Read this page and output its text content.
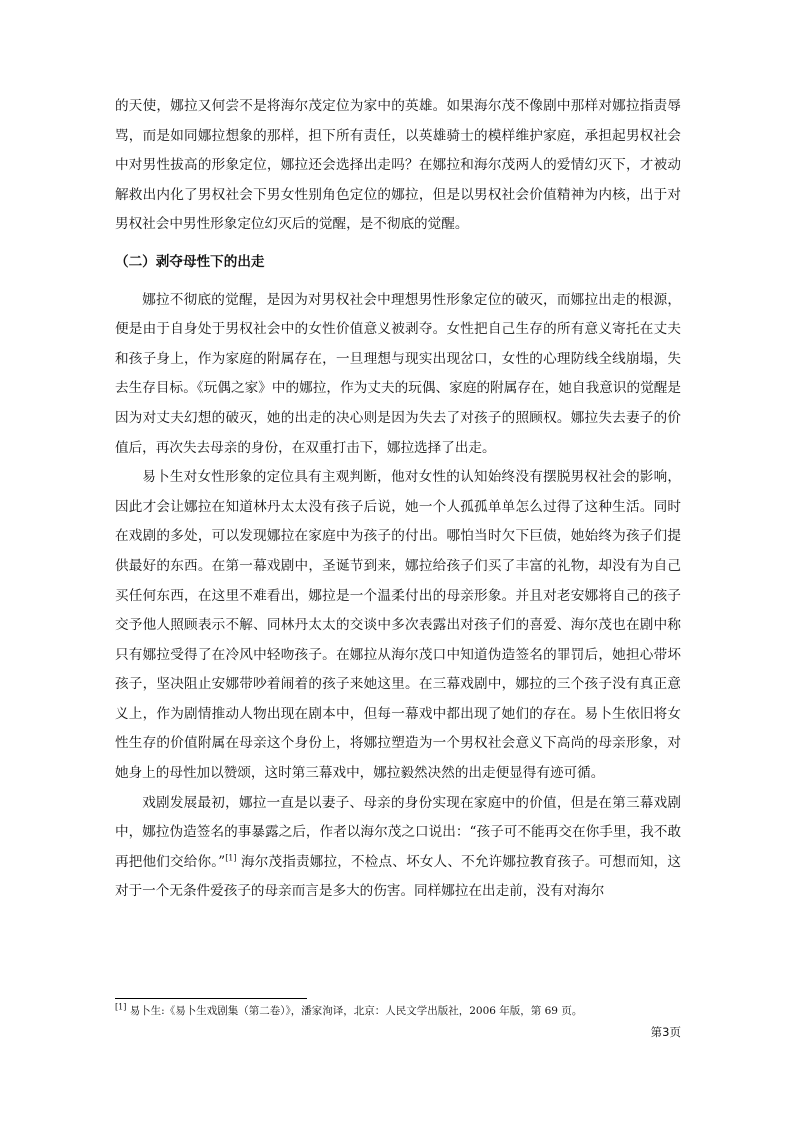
的天使，娜拉又何尝不是将海尔茂定位为家中的英雄。如果海尔茂不像剧中那样对娜拉指责辱骂，而是如同娜拉想象的那样，担下所有责任，以英雄骑士的模样维护家庭，承担起男权社会中对男性拔高的形象定位，娜拉还会选择出走吗？在娜拉和海尔茂两人的爱情幻灭下，才被动解救出内化了男权社会下男女性别角色定位的娜拉，但是以男权社会价值精神为内核，出于对男权社会中男性形象定位幻灭后的觉醒，是不彻底的觉醒。

（二）剥夺母性下的出走

娜拉不彻底的觉醒，是因为对男权社会中理想男性形象定位的破灭，而娜拉出走的根源，便是由于自身处于男权社会中的女性价值意义被剥夺。女性把自己生存的所有意义寄托在丈夫和孩子身上，作为家庭的附属存在，一旦理想与现实出现岔口，女性的心理防线全线崩塌，失去生存目标。《玩偶之家》中的娜拉，作为丈夫的玩偶、家庭的附属存在，她自我意识的觉醒是因为对丈夫幻想的破灭，她的出走的决心则是因为失去了对孩子的照顾权。娜拉失去妻子的价值后，再次失去母亲的身份，在双重打击下，娜拉选择了出走。

易卜生对女性形象的定位具有主观判断，他对女性的认知始终没有摆脱男权社会的影响，因此才会让娜拉在知道林丹太太没有孩子后说，她一个人孤孤单单怎么过得了这种生活。同时在戏剧的多处，可以发现娜拉在家庭中为孩子的付出。哪怕当时欠下巨债，她始终为孩子们提供最好的东西。在第一幕戏剧中，圣诞节到来，娜拉给孩子们买了丰富的礼物，却没有为自己买任何东西，在这里不难看出，娜拉是一个温柔付出的母亲形象。并且对老安娜将自己的孩子交予他人照顾表示不解、同林丹太太的交谈中多次表露出对孩子们的喜爱、海尔茂也在剧中称只有娜拉受得了在冷风中轻吻孩子。在娜拉从海尔茂口中知道伪造签名的罪罚后，她担心带坏孩子，坚决阻止安娜带吵着闹着的孩子来她这里。在三幕戏剧中，娜拉的三个孩子没有真正意义上，作为剧情推动人物出现在剧本中，但每一幕戏中都出现了她们的存在。易卜生依旧将女性生存的价值附属在母亲这个身份上，将娜拉塑造为一个男权社会意义下高尚的母亲形象，对她身上的母性加以赞颂，这时第三幕戏中，娜拉毅然决然的出走便显得有迹可循。

戏剧发展最初，娜拉一直是以妻子、母亲的身份实现在家庭中的价值，但是在第三幕戏剧中，娜拉伪造签名的事暴露之后，作者以海尔茂之口说出：“孩子可不能再交在你手里，我不敢再把他们交给你。”[1] 海尔茂指责娜拉，不检点、坏女人、不允许娜拉教育孩子。可想而知，这对于一个无条件爱孩子的母亲而言是多大的伤害。同样娜拉在出走前，没有对海尔

[1] 易卜生:《易卜生戏剧集（第二卷）》，潘家洵译，北京：人民文学出版社，2006 年版，第 69 页。
第3页
